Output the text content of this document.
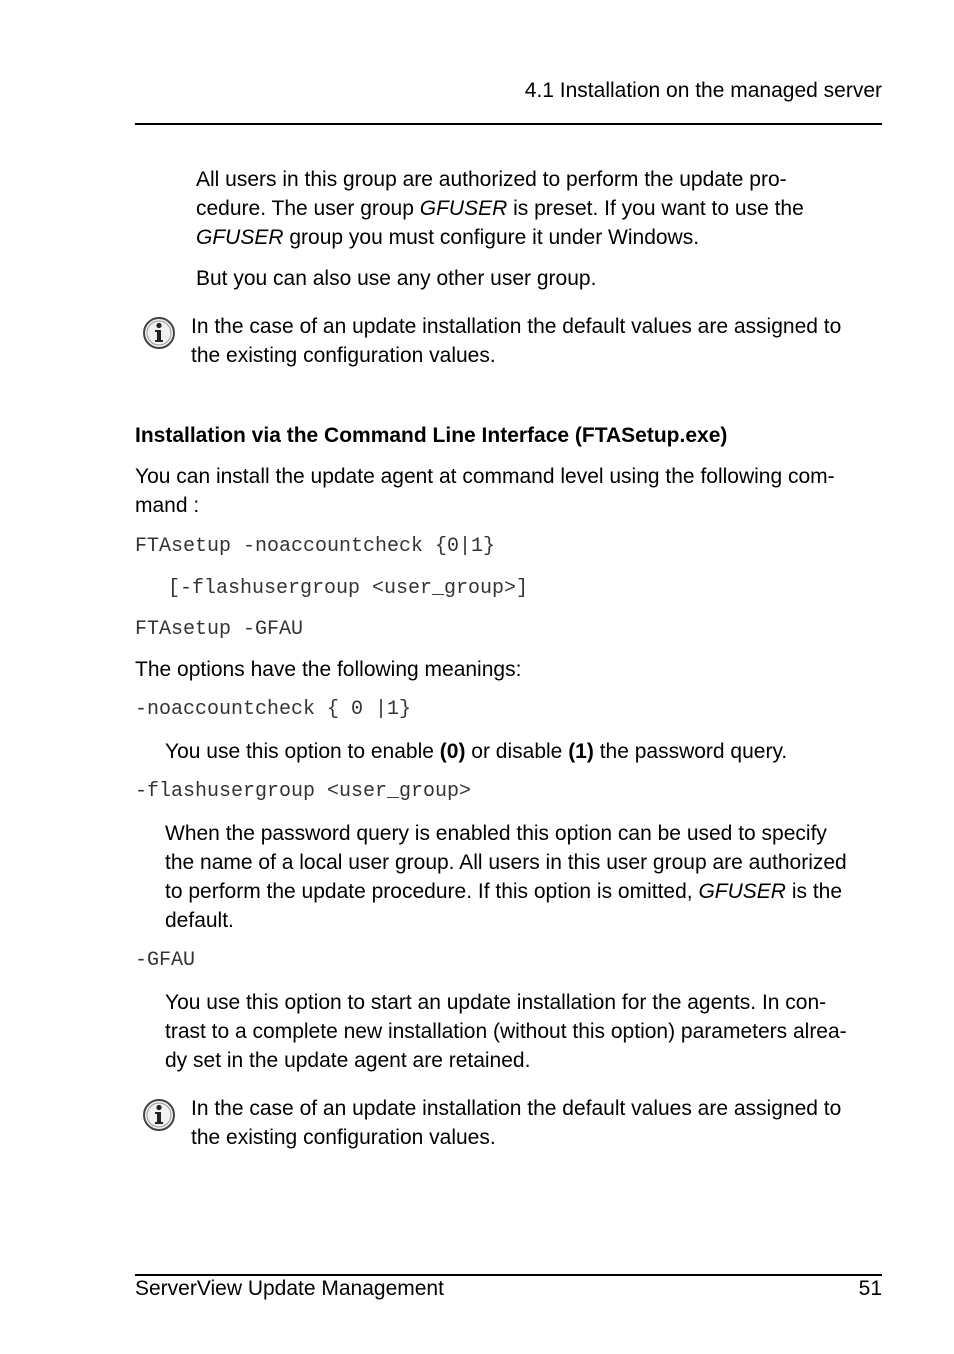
4.1 Installation on the managed server
All users in this group are authorized to perform the update pro-
cedure. The user group GFUSER is preset. If you want to use the
GFUSER group you must configure it under Windows.
But you can also use any other user group.
In the case of an update installation the default values are assigned to
the existing configuration values.
Installation via the Command Line Interface (FTASetup.exe)
You can install the update agent at command level using the following com-
mand :
FTAsetup -noaccountcheck {0|1}
[-flashusergroup <user_group>]
FTAsetup -GFAU
The options have the following meanings:
-noaccountcheck { 0 |1}
You use this option to enable (0) or disable (1) the password query.
-flashusergroup <user_group>
When the password query is enabled this option can be used to specify
the name of a local user group. All users in this user group are authorized
to perform the update procedure. If this option is omitted, GFUSER is the
default.
-GFAU
You use this option to start an update installation for the agents. In con-
trast to a complete new installation (without this option) parameters alrea-
dy set in the update agent are retained.
In the case of an update installation the default values are assigned to
the existing configuration values.
ServerView Update Management	51
